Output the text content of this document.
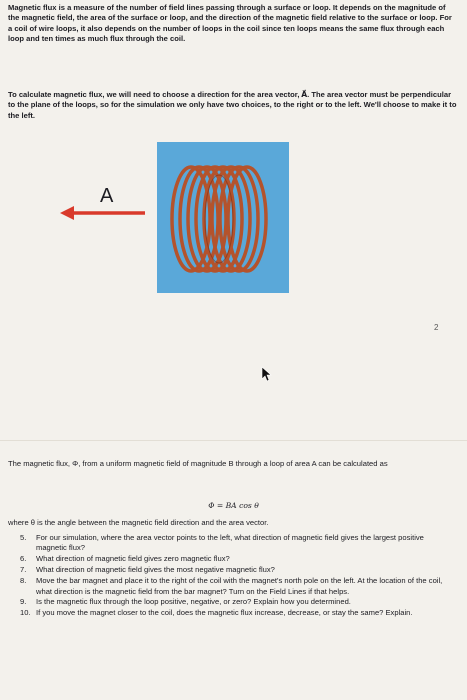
Magnetic flux is a measure of the number of field lines passing through a surface or loop. It depends on the magnitude of the magnetic field, the area of the surface or loop, and the direction of the magnetic field relative to the surface or loop. For a coil of wire loops, it also depends on the number of loops in the coil since ten loops means the same flux through each loop and ten times as much flux through the coil.
To calculate magnetic flux, we will need to choose a direction for the area vector, A⃗. The area vector must be perpendicular to the plane of the loops, so for the simulation we only have two choices, to the right or to the left. We'll choose to make it to the left.
A
2
The magnetic flux, Φ, from a uniform magnetic field of magnitude B through a loop of area A can be calculated as
Φ = BA cos θ
where θ is the angle between the magnetic field direction and the area vector.
5. For our simulation, where the area vector points to the left, what direction of magnetic field gives the largest positive magnetic flux?
6. What direction of magnetic field gives zero magnetic flux?
7. What direction of magnetic field gives the most negative magnetic flux?
8. Move the bar magnet and place it to the right of the coil with the magnet's north pole on the left. At the location of the coil, what direction is the magnetic field from the bar magnet? Turn on the Field Lines if that helps.
9. Is the magnetic flux through the loop positive, negative, or zero? Explain how you determined.
10. If you move the magnet closer to the coil, does the magnetic flux increase, decrease, or stay the same? Explain.
